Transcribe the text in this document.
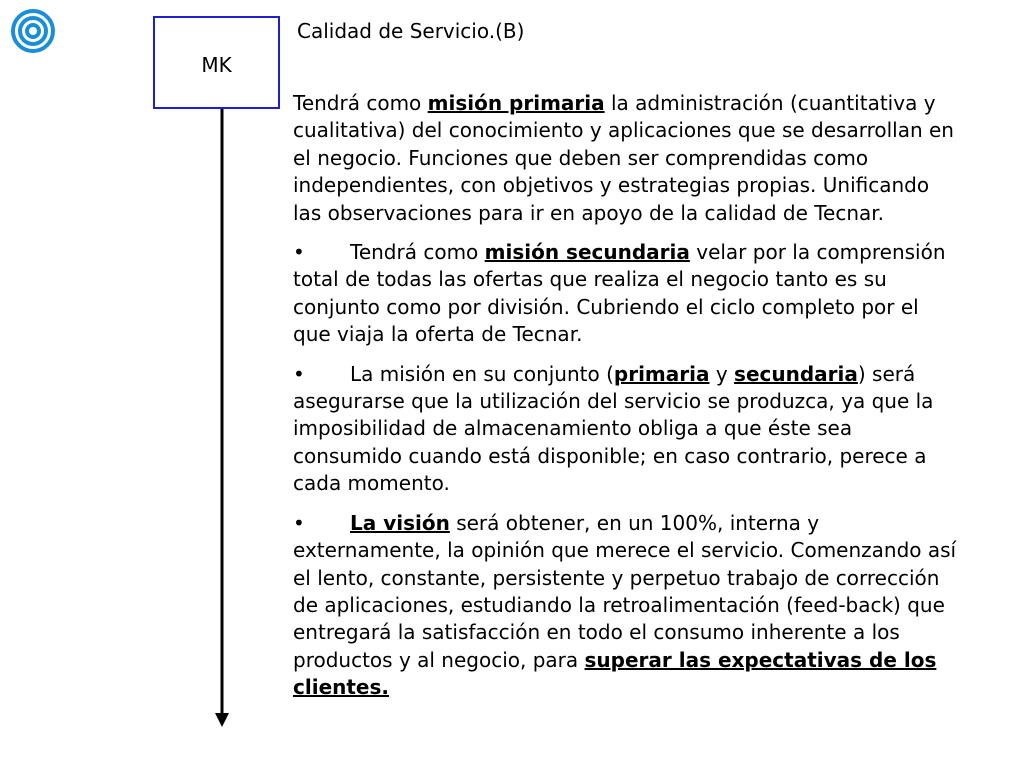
MK
Calidad de Servicio.(B)

Tendrá como misión primaria la administración (cuantitativa y cualitativa) del conocimiento y aplicaciones que se desarrollan en el negocio. Funciones que deben ser comprendidas como independientes, con objetivos y estrategias propias. Unificando las observaciones para ir en apoyo de la calidad de Tecnar.

• Tendrá como misión secundaria velar por la comprensión total de todas las ofertas que realiza el negocio tanto es su conjunto como por división. Cubriendo el ciclo completo por el que viaja la oferta de Tecnar.

• La misión en su conjunto (primaria y secundaria) será asegurarse que la utilización del servicio se produzca, ya que la imposibilidad de almacenamiento obliga a que éste sea consumido cuando está disponible; en caso contrario, perece a cada momento.

• La visión será obtener, en un 100%, interna y externamente, la opinión que merece el servicio. Comenzando así el lento, constante, persistente y perpetuo trabajo de corrección de aplicaciones, estudiando la retroalimentación (feed-back) que entregará la satisfacción en todo el consumo inherente a los productos y al negocio, para superar las expectativas de los clientes.
